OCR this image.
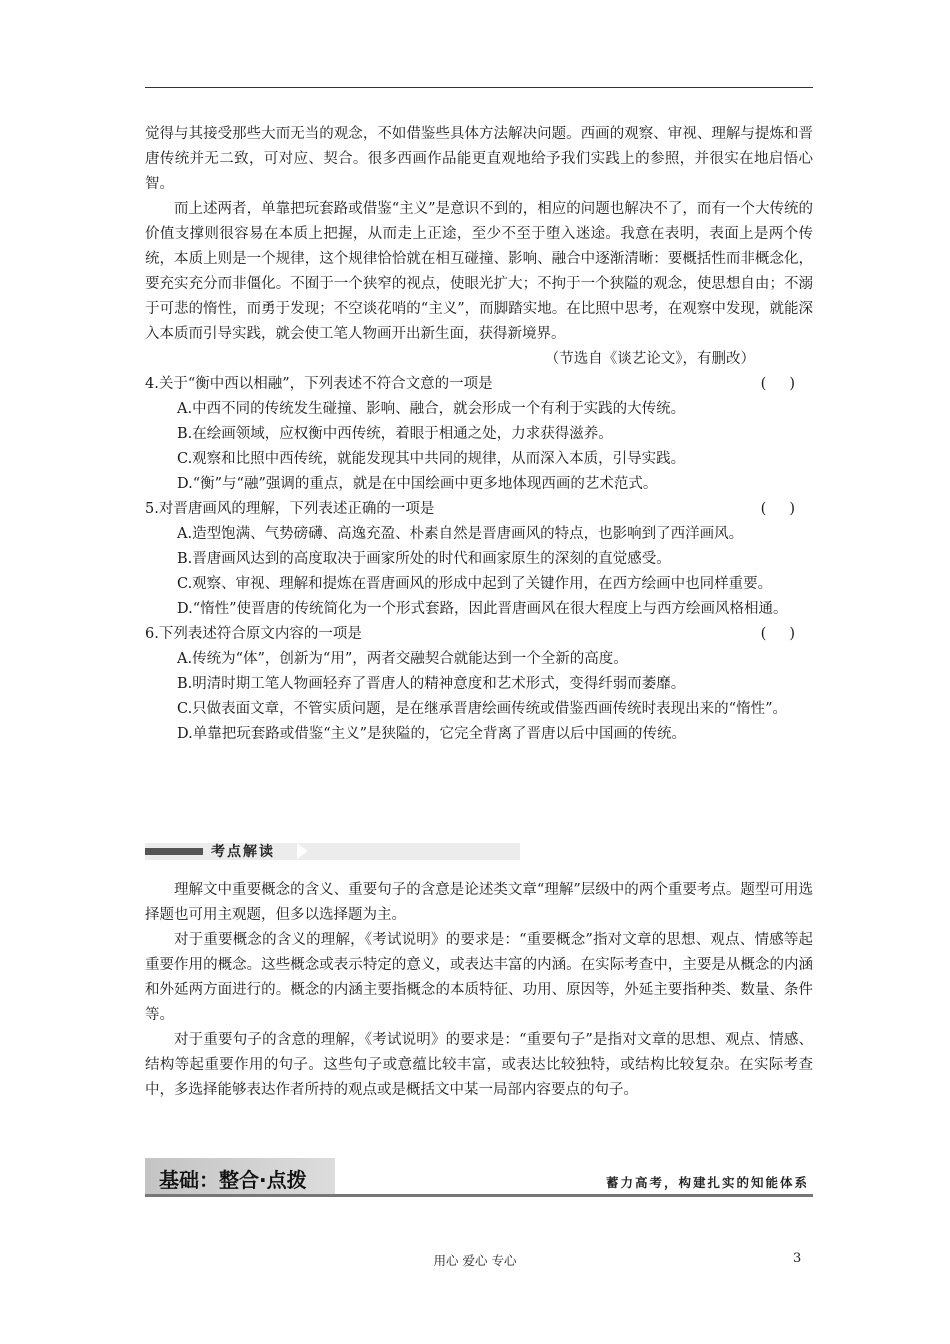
觉得与其接受那些大而无当的观念，不如借鉴些具体方法解决问题。西画的观察、审视、理解与提炼和晋唐传统并无二致，可对应、契合。很多西画作品能更直观地给予我们实践上的参照，并很实在地启悟心智。

而上述两者，单靠把玩套路或借鉴“主义”是意识不到的，相应的问题也解决不了，而有一个大传统的价值支撑则很容易在本质上把握，从而走上正途，至少不至于堕入迷途。我意在表明，表面上是两个传统，本质上则是一个规律，这个规律恰恰就在相互碰撞、影响、融合中逐渐清晰：要概括性而非概念化，要充实充分而非僵化。不囿于一个狭窄的视点，使眼光扩大；不拘于一个狭隘的观念，使思想自由；不溺于可悲的惰性，而勇于发现；不空谈花哨的“主义”，而脚踏实地。在比照中思考，在观察中发现，就能深入本质而引导实践，就会使工笔人物画开出新生面，获得新境界。

（节选自《谈艺论文》，有删改）
4.关于“衡中西以相融”，下列表述不符合文意的一项是	(     )

A.中西不同的传统发生碰撞、影响、融合，就会形成一个有利于实践的大传统。

B.在绘画领域，应权衡中西传统，着眼于相通之处，力求获得滋养。

C.观察和比照中西传统，就能发现其中共同的规律，从而深入本质，引导实践。

D.“衡”与“融”强调的重点，就是在中国绘画中更多地体现西画的艺术范式。

5.对晋唐画风的理解，下列表述正确的一项是	(     )

A.造型饱满、气势磅礴、高逸充盈、朴素自然是晋唐画风的特点，也影响到了西洋画风。

B.晋唐画风达到的高度取决于画家所处的时代和画家原生的深刻的直觉感受。

C.观察、审视、理解和提炼在晋唐画风的形成中起到了关键作用，在西方绘画中也同样重要。

D.“惰性”使晋唐的传统简化为一个形式套路，因此晋唐画风在很大程度上与西方绘画风格相通。

6.下列表述符合原文内容的一项是	(     )

A.传统为“体”，创新为“用”，两者交融契合就能达到一个全新的高度。

B.明清时期工笔人物画轻弃了晋唐人的精神意度和艺术形式，变得纤弱而萎靡。

C.只做表面文章，不管实质问题，是在继承晋唐绘画传统或借鉴西画传统时表现出来的“惰性”。

D.单靠把玩套路或借鉴“主义”是狭隘的，它完全背离了晋唐以后中国画的传统。

考点解读

理解文中重要概念的含义、重要句子的含意是论述类文章“理解”层级中的两个重要考点。题型可用选择题也可用主观题，但多以选择题为主。

对于重要概念的含义的理解，《考试说明》的要求是：“重要概念”指对文章的思想、观点、情感等起重要作用的概念。这些概念或表示特定的意义，或表达丰富的内涵。在实际考查中，主要是从概念的内涵和外延两方面进行的。概念的内涵主要指概念的本质特征、功用、原因等，外延主要指种类、数量、条件等。

对于重要句子的含意的理解，《考试说明》的要求是：“重要句子”是指对文章的思想、观点、情感、结构等起重要作用的句子。这些句子或意蕴比较丰富，或表达比较独特，或结构比较复杂。在实际考查中，多选择能够表达作者所持的观点或是概括文中某一局部内容要点的句子。

基础：整合·点拨	蓄力高考，构建扎实的知能体系
用心 爱心 专心	3
